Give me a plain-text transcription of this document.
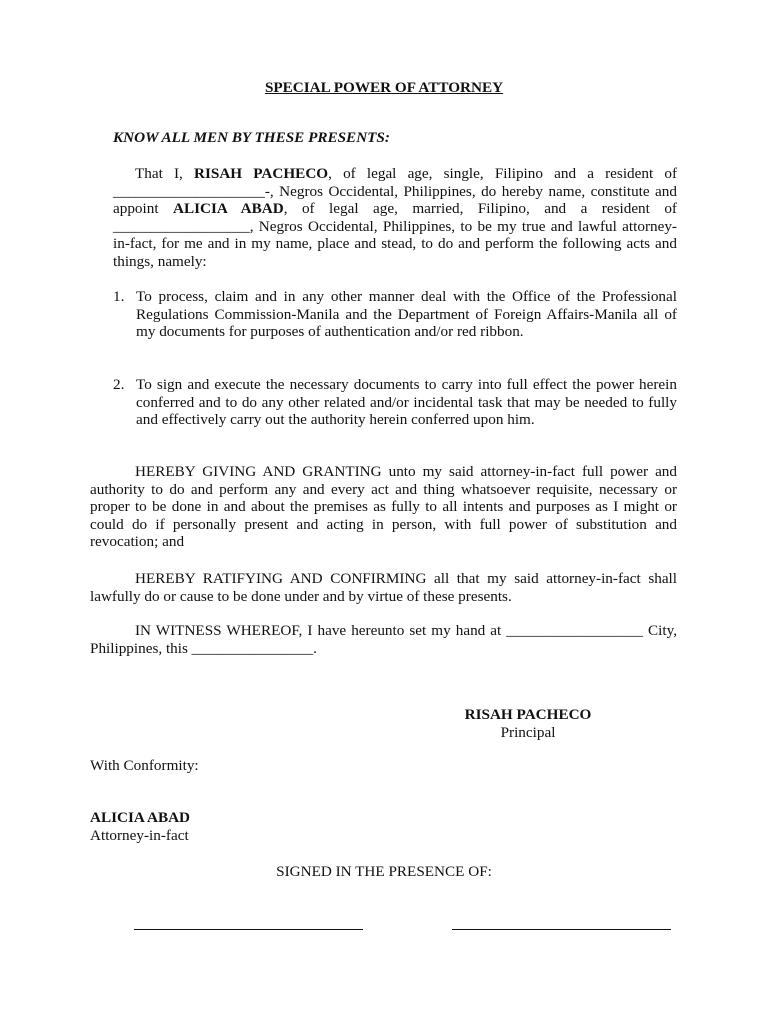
SPECIAL POWER OF ATTORNEY
KNOW ALL MEN BY THESE PRESENTS:

That I, RISAH PACHECO, of legal age, single, Filipino and a resident of ____________________-, Negros Occidental, Philippines, do hereby name, constitute and appoint ALICIA ABAD, of legal age, married, Filipino, and a resident of __________________, Negros Occidental, Philippines, to be my true and lawful attorney-in-fact, for me and in my name, place and stead, to do and perform the following acts and things, namely:

1. To process, claim and in any other manner deal with the Office of the Professional Regulations Commission-Manila and the Department of Foreign Affairs-Manila all of my documents for purposes of authentication and/or red ribbon.
2. To sign and execute the necessary documents to carry into full effect the power herein conferred and to do any other related and/or incidental task that may be needed to fully and effectively carry out the authority herein conferred upon him.

HEREBY GIVING AND GRANTING unto my said attorney-in-fact full power and authority to do and perform any and every act and thing whatsoever requisite, necessary or proper to be done in and about the premises as fully to all intents and purposes as I might or could do if personally present and acting in person, with full power of substitution and revocation; and

HEREBY RATIFYING AND CONFIRMING all that my said attorney-in-fact shall lawfully do or cause to be done under and by virtue of these presents.

IN WITNESS WHEREOF, I have hereunto set my hand at __________________ City, Philippines, this ________________.

RISAH PACHECO
Principal
With Conformity:
ALICIA ABAD
Attorney-in-fact
SIGNED IN THE PRESENCE OF:
